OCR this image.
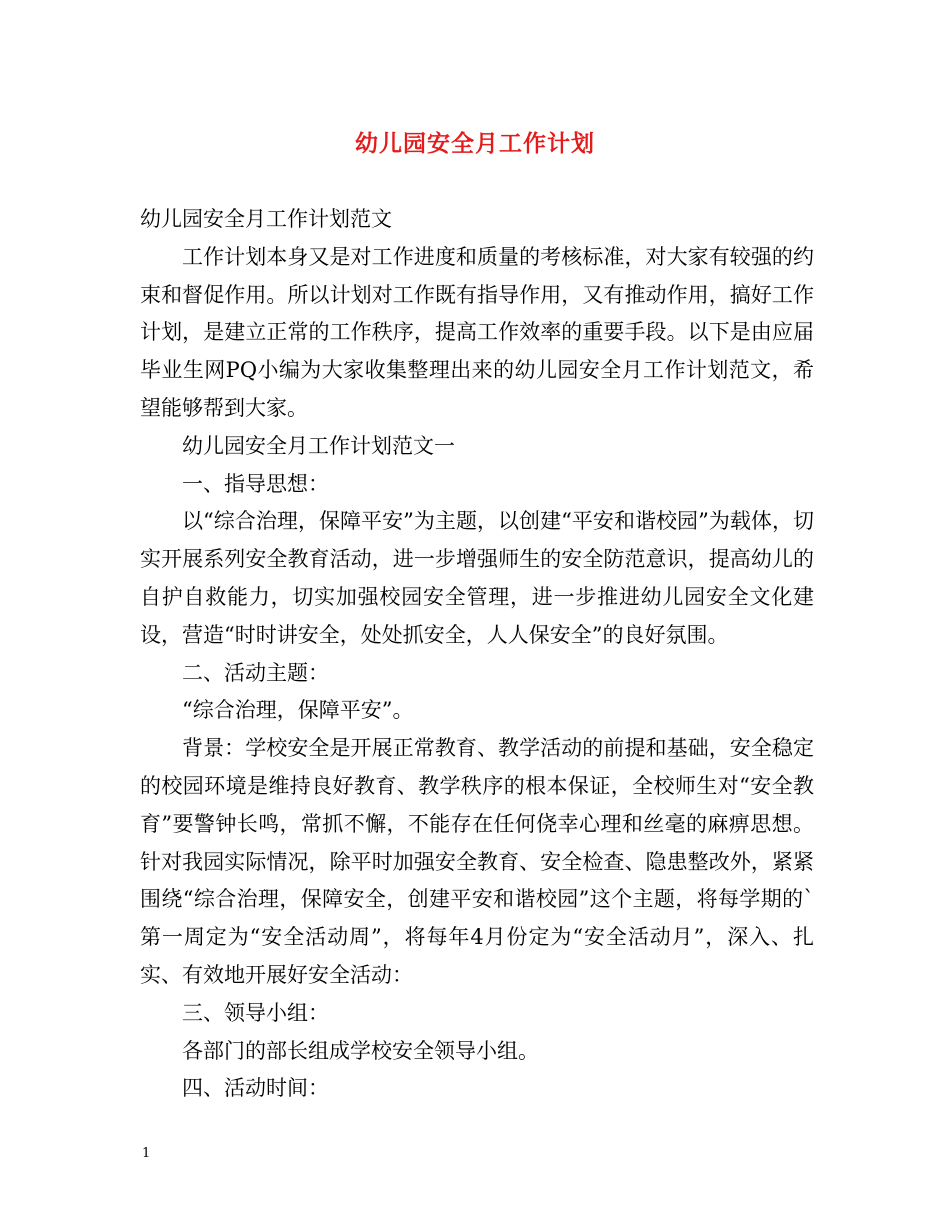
幼儿园安全月工作计划

幼儿园安全月工作计划范文

工作计划本身又是对工作进度和质量的考核标准，对大家有较强的约束和督促作用。所以计划对工作既有指导作用，又有推动作用，搞好工作计划，是建立正常的工作秩序，提高工作效率的重要手段。以下是由应届毕业生网PQ小编为大家收集整理出来的幼儿园安全月工作计划范文，希望能够帮到大家。

幼儿园安全月工作计划范文一

一、指导思想：

以“综合治理，保障平安”为主题，以创建“平安和谐校园”为载体，切实开展系列安全教育活动，进一步增强师生的安全防范意识，提高幼儿的自护自救能力，切实加强校园安全管理，进一步推进幼儿园安全文化建设，营造“时时讲安全，处处抓安全，人人保安全”的良好氛围。

二、活动主题：

“综合治理，保障平安”。

背景：学校安全是开展正常教育、教学活动的前提和基础，安全稳定的校园环境是维持良好教育、教学秩序的根本保证，全校师生对“安全教育”要警钟长鸣，常抓不懈，不能存在任何侥幸心理和丝毫的麻痹思想。针对我园实际情况，除平时加强安全教育、安全检查、隐患整改外，紧紧围绕“综合治理，保障安全，创建平安和谐校园”这个主题，将每学期的`第一周定为“安全活动周”，将每年4月份定为“安全活动月”，深入、扎实、有效地开展好安全活动：

三、领导小组：

各部门的部长组成学校安全领导小组。

四、活动时间：

1
